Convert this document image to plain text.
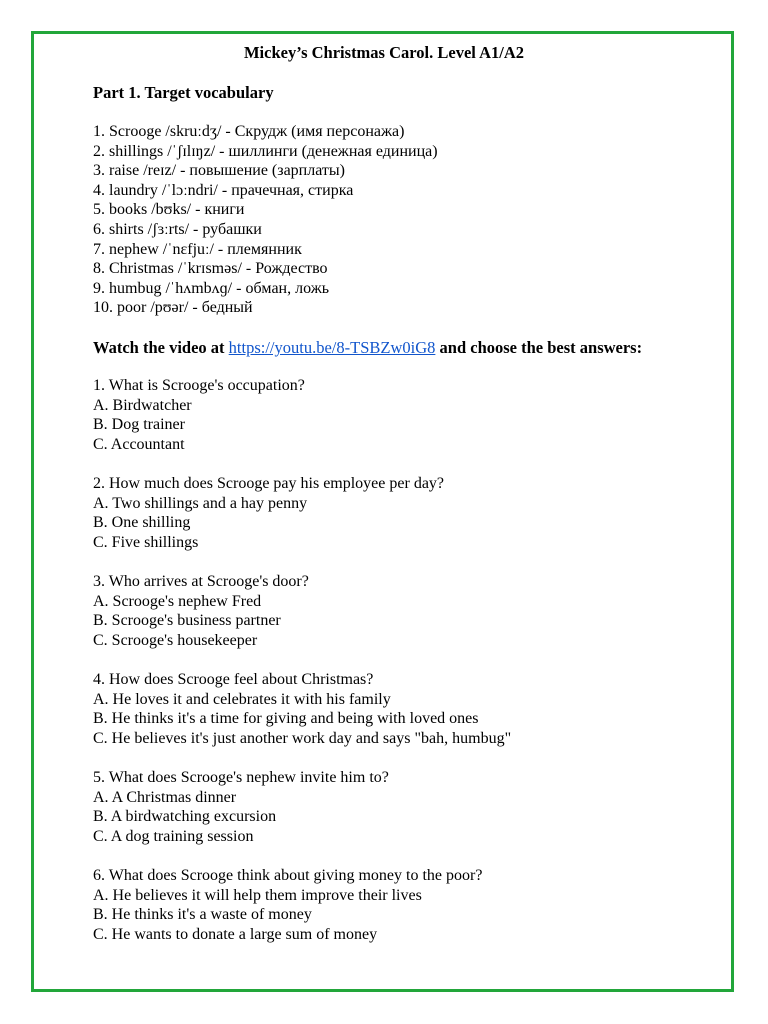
Mickey’s Christmas Carol. Level A1/A2
Part 1. Target vocabulary
1. Scrooge /skruːdʒ/ - Скрудж (имя персонажа)
2. shillings /ˈʃɪlɪŋz/ - шиллинги (денежная единица)
3. raise /reɪz/ - повышение (зарплаты)
4. laundry /ˈlɔːndri/ - прачечная, стирка
5. books /bʊks/ - книги
6. shirts /ʃɜːrts/ - рубашки
7. nephew /ˈnɛfjuː/ - племянник
8. Christmas /ˈkrɪsməs/ - Рождество
9. humbug /ˈhʌmbʌɡ/ - обман, ложь
10. poor /pʊər/ - бедный

Watch the video at https://youtu.be/8-TSBZw0iG8 and choose the best answers:

1. What is Scrooge's occupation?
A. Birdwatcher
B. Dog trainer
C. Accountant
2. How much does Scrooge pay his employee per day?
A. Two shillings and a hay penny
B. One shilling
C. Five shillings
3. Who arrives at Scrooge's door?
A. Scrooge's nephew Fred
B. Scrooge's business partner
C. Scrooge's housekeeper
4. How does Scrooge feel about Christmas?
A. He loves it and celebrates it with his family
B. He thinks it's a time for giving and being with loved ones
C. He believes it's just another work day and says "bah, humbug"
5. What does Scrooge's nephew invite him to?
A. A Christmas dinner
B. A birdwatching excursion
C. A dog training session
6. What does Scrooge think about giving money to the poor?
A. He believes it will help them improve their lives
B. He thinks it's a waste of money
C. He wants to donate a large sum of money
